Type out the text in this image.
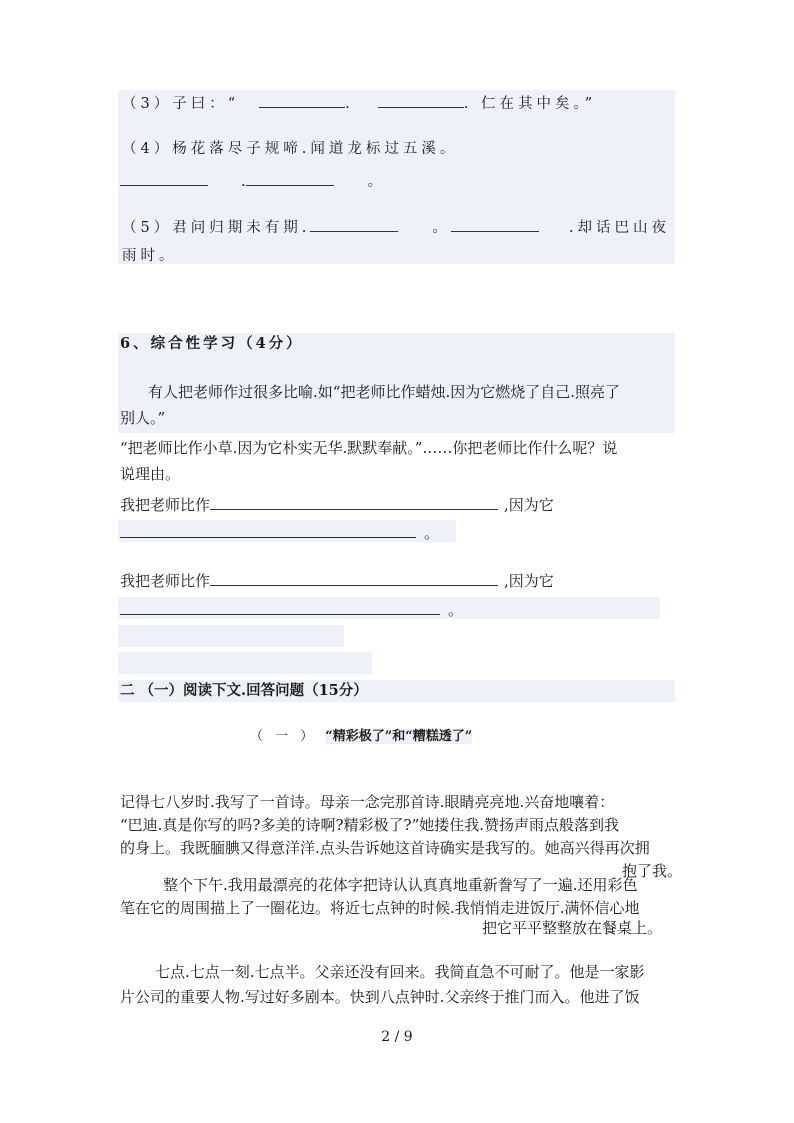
（3）子曰：“	.	. 仁在其中矣。”
（4）杨花落尽子规啼.闻道龙标过五溪。
.	。
（5）君问归期未有期.	。	.却话巴山夜
雨时。
6、综合性学习（4分）
有人把老师作过很多比喻.如“把老师比作蜡烛.因为它燃烧了自己.照亮了
别人。”
“把老师比作小草.因为它朴实无华.默默奉献。”……你把老师比作什么呢？说
说理由。
我把老师比作	,因为它
。
我把老师比作	,因为它
。
二 （一）阅读下文.回答问题（15分）
（ 一 ） “精彩极了”和“糟糕透了”
记得七八岁时.我写了一首诗。母亲一念完那首诗.眼睛亮亮地.兴奋地嚷着：
“巴迪.真是你写的吗?多美的诗啊?精彩极了?”她搂住我.赞扬声雨点般落到我
的身上。我既腼腆又得意洋洋.点头告诉她这首诗确实是我写的。她高兴得再次拥
抱了我。
整个下午.我用最漂亮的花体字把诗认认真真地重新誊写了一遍.还用彩色
笔在它的周围描上了一圈花边。将近七点钟的时候.我悄悄走进饭厅.满怀信心地
把它平平整整放在餐桌上。
七点.七点一刻.七点半。父亲还没有回来。我简直急不可耐了。他是一家影
片公司的重要人物.写过好多剧本。快到八点钟时.父亲终于推门而入。他进了饭
2 / 9
